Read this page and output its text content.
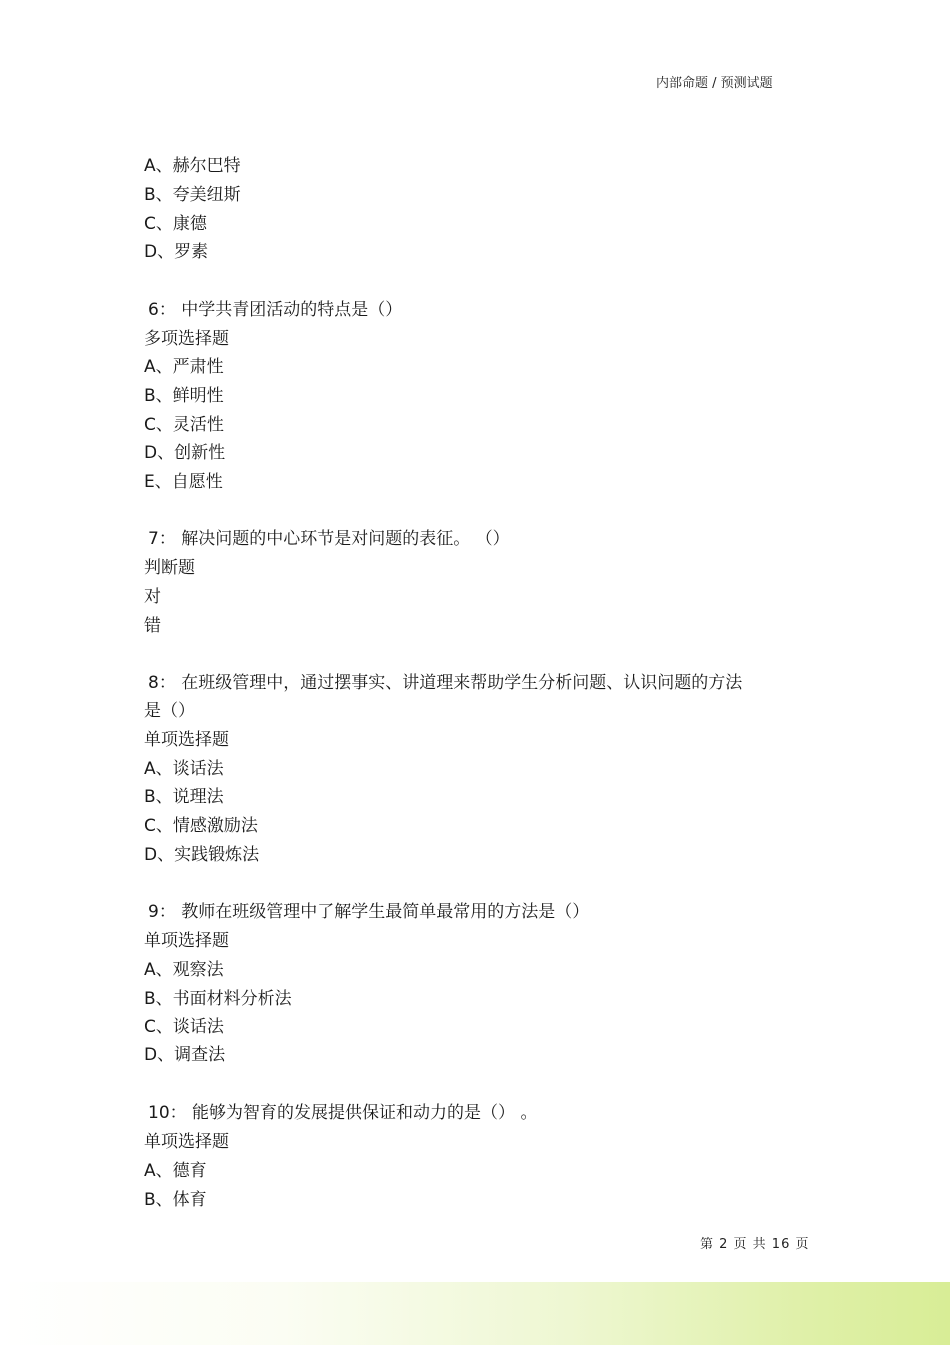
内部命题 / 预测试题
A、赫尔巴特
B、夸美纽斯
C、康德
D、罗素
6： 中学共青团活动的特点是（）
多项选择题
A、严肃性
B、鲜明性
C、灵活性
D、创新性
E、自愿性
7： 解决问题的中心环节是对问题的表征。 （）
判断题
对
错
8： 在班级管理中，通过摆事实、讲道理来帮助学生分析问题、认识问题的方法
是（）
单项选择题
A、谈话法
B、说理法
C、情感激励法
D、实践锻炼法
9： 教师在班级管理中了解学生最简单最常用的方法是（）
单项选择题
A、观察法
B、书面材料分析法
C、谈话法
D、调查法
10： 能够为智育的发展提供保证和动力的是（） 。
单项选择题
A、德育
B、体育
第 2 页 共 16 页
